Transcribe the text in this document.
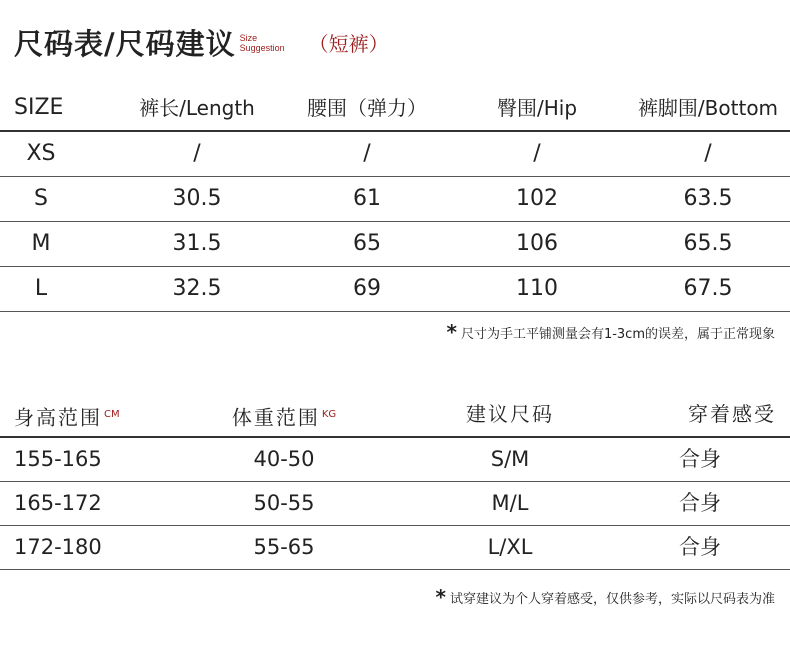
尺码表/尺码建议 Size
Suggestion （短裤）
SIZE	裤长/Length	腰围（弹力）	臀围/Hip	裤脚围/Bottom
XS	/	/	/	/
S	30.5	61	102	63.5
M	31.5	65	106	65.5
L	32.5	69	110	67.5
* 尺寸为手工平铺测量会有1-3cm的误差，属于正常现象
身高范围 $^{CM}$	体重范围 $^{KG}$	建议尺码	穿着感受
155-165	40-50	S/M	合身
165-172	50-55	M/L	合身
172-180	55-65	L/XL	合身
* 试穿建议为个人穿着感受，仅供参考，实际以尺码表为准
